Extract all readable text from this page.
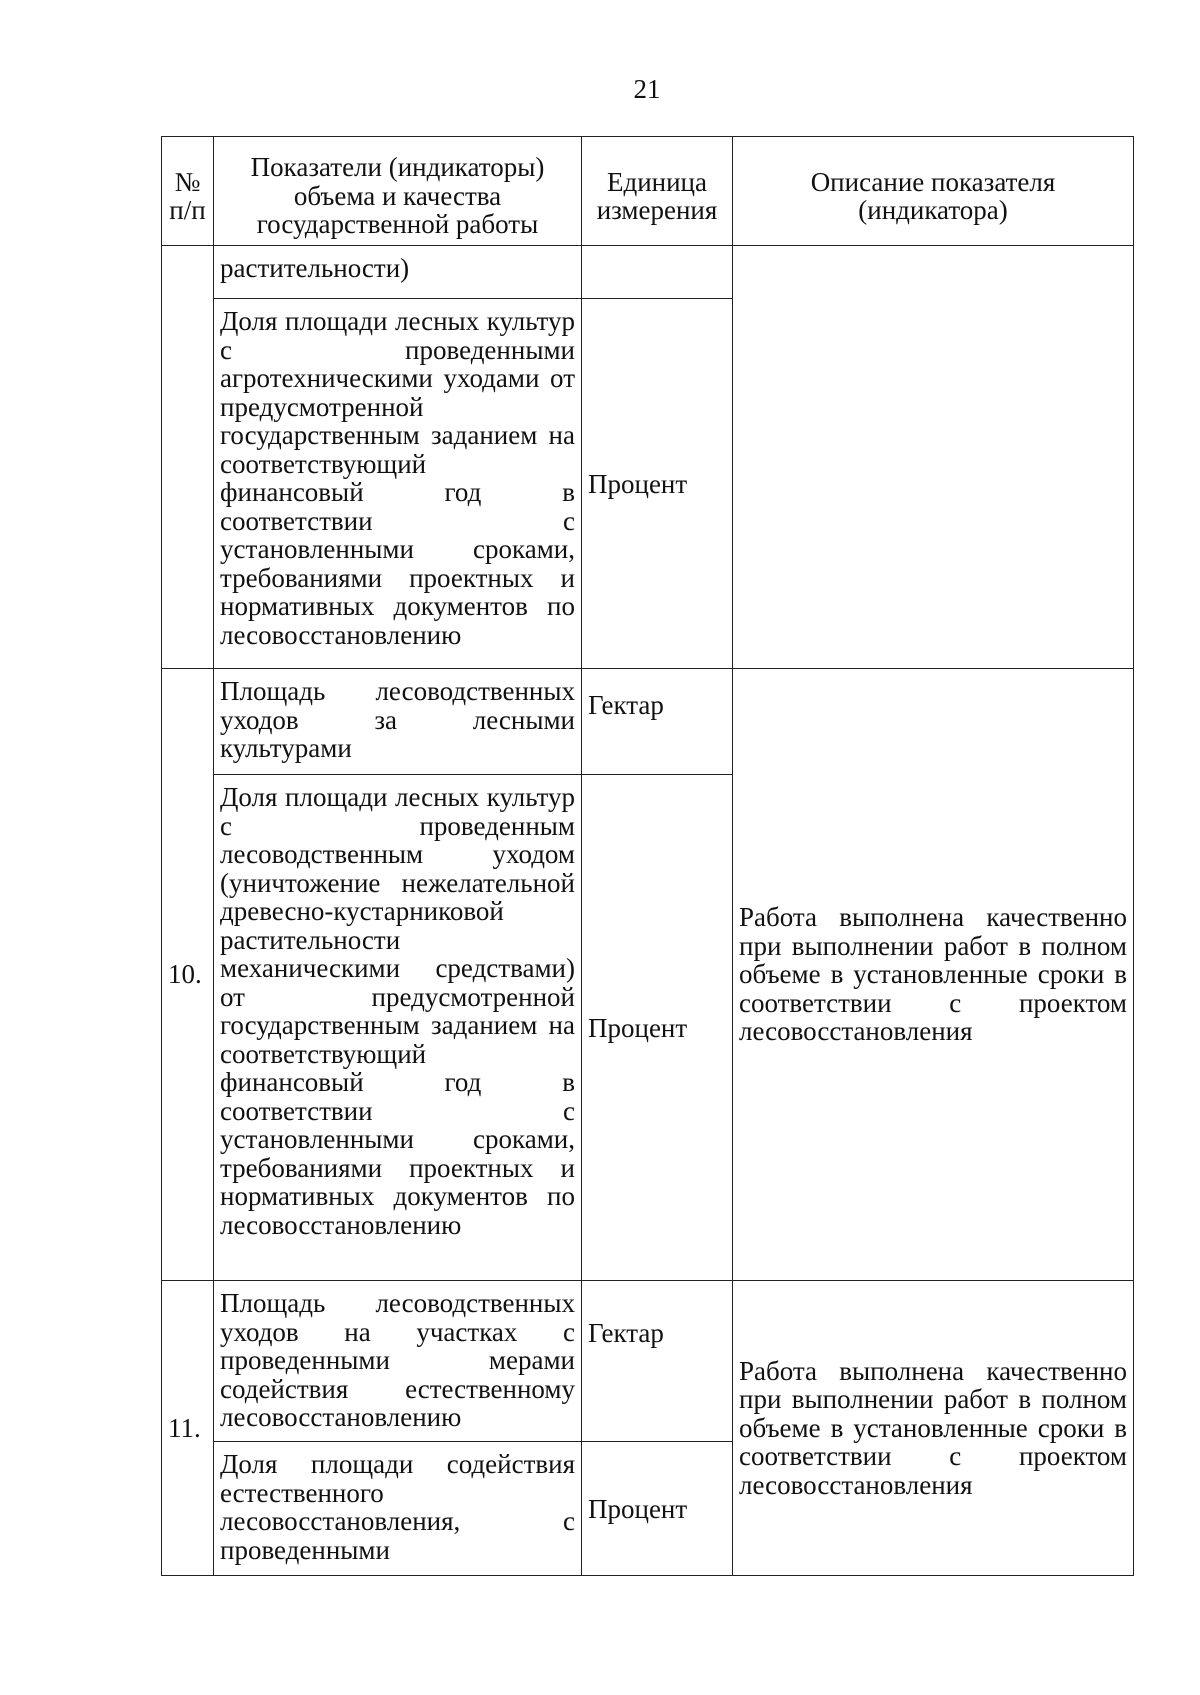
21
№ п/п	Показатели (индикаторы) объема и качества государственной работы	Единица измерения	Описание показателя (индикатора)
	растительности)		
	Доля площади лесных культур с проведенными агротехническими уходами от предусмотренной государственным заданием на соответствующий финансовый год в соответствии с установленными сроками, требованиями проектных и нормативных документов по лесовосстановлению	Процент	
10.	Площадь лесоводственных уходов за лесными культурами	Гектар	Работа выполнена качественно при выполнении работ в полном объеме в установленные сроки в соответствии с проектом лесовосстановления
	Доля площади лесных культур с проведенным лесоводственным уходом (уничтожение нежелательной древесно-кустарниковой растительности механическими средствами) от предусмотренной государственным заданием на соответствующий финансовый год в соответствии с установленными сроками, требованиями проектных и нормативных документов по лесовосстановлению	Процент	
11.	Площадь лесоводственных уходов на участках с проведенными мерами содействия естественному лесовосстановлению	Гектар	Работа выполнена качественно при выполнении работ в полном объеме в установленные сроки в соответствии с проектом лесовосстановления
	Доля площади содействия естественного лесовосстановления, с проведенными	Процент	
